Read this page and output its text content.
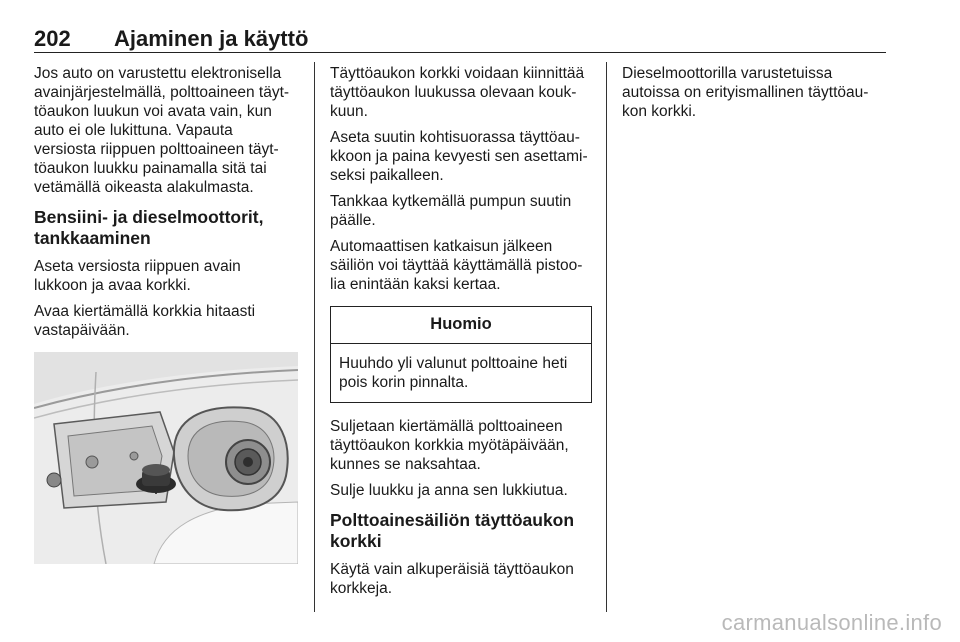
202 Ajaminen ja käyttö

Jos auto on varustettu elektronisella avainjärjestelmällä, polttoaineen täyt-töaukon luukun voi avata vain, kun auto ei ole lukittuna. Vapauta versiosta riippuen polttoaineen täyt-töaukon luukku painamalla sitä tai vetämällä oikeasta alakulmasta.

Bensiini- ja dieselmoottorit, tankkaaminen

Aseta versiosta riippuen avain lukkoon ja avaa korkki.

Avaa kiertämällä korkkia hitaasti vastapäivään.

Täyttöaukon korkki voidaan kiinnittää täyttöaukon luukussa olevaan kouk-kuun.

Aseta suutin kohtisuorassa täyttöau-kkoon ja paina kevyesti sen asettami-seksi paikalleen.

Tankkaa kytkemällä pumpun suutin päälle.

Automaattisen katkaisun jälkeen säiliön voi täyttää käyttämällä pistoo-lia enintään kaksi kertaa.

Huomio
Huuhdo yli valunut polttoaine heti pois korin pinnalta.

Suljetaan kiertämällä polttoaineen täyttöaukon korkkia myötäpäivään, kunnes se naksahtaa.

Sulje luukku ja anna sen lukkiutua.

Polttoainesäiliön täyttöaukon korkki

Käytä vain alkuperäisiä täyttöaukon korkkeja.

Dieselmoottorilla varustetuissa autoissa on erityismallinen täyttöau-kon korkki.

carmanualsonline.info
